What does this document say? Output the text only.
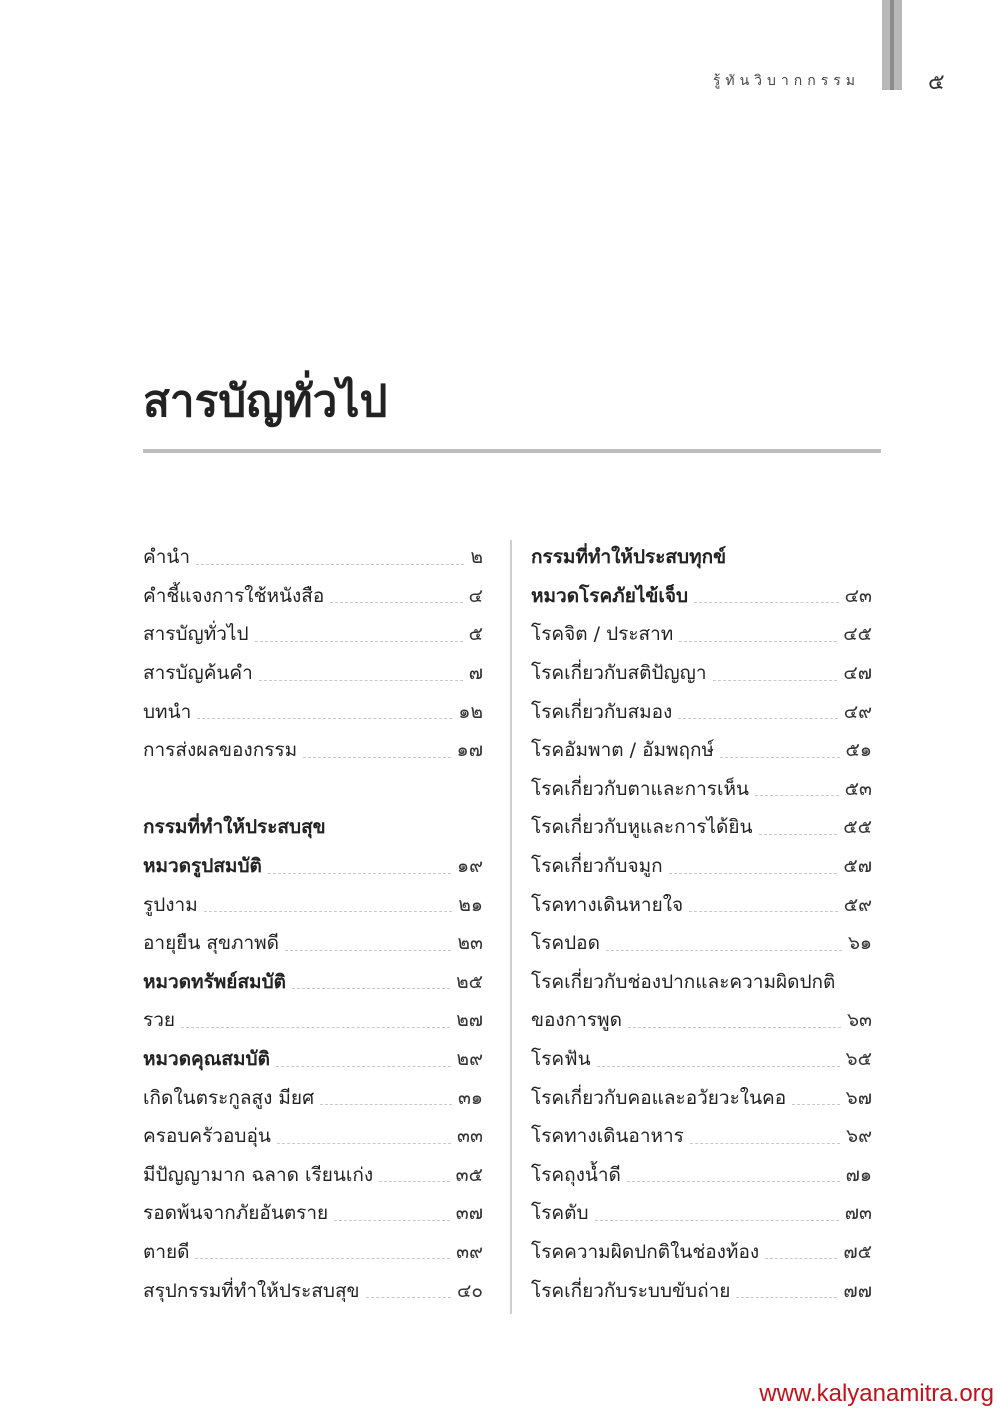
รู้ทันวิบากกรรม	๕
สารบัญทั่วไป
คำนำ	๒
คำชี้แจงการใช้หนังสือ	๔
สารบัญทั่วไป	๕
สารบัญค้นคำ	๗
บทนำ	๑๒
การส่งผลของกรรม	๑๗
กรรมที่ทำให้ประสบสุข
หมวดรูปสมบัติ	๑๙
รูปงาม	๒๑
อายุยืน สุขภาพดี	๒๓
หมวดทรัพย์สมบัติ	๒๕
รวย	๒๗
หมวดคุณสมบัติ	๒๙
เกิดในตระกูลสูง มียศ	๓๑
ครอบครัวอบอุ่น	๓๓
มีปัญญามาก ฉลาด เรียนเก่ง	๓๕
รอดพ้นจากภัยอันตราย	๓๗
ตายดี	๓๙
สรุปกรรมที่ทำให้ประสบสุข	๔๐
กรรมที่ทำให้ประสบทุกข์
หมวดโรคภัยไข้เจ็บ	๔๓
โรคจิต / ประสาท	๔๕
โรคเกี่ยวกับสติปัญญา	๔๗
โรคเกี่ยวกับสมอง	๔๙
โรคอัมพาต / อัมพฤกษ์	๕๑
โรคเกี่ยวกับตาและการเห็น	๕๓
โรคเกี่ยวกับหูและการได้ยิน	๕๕
โรคเกี่ยวกับจมูก	๕๗
โรคทางเดินหายใจ	๕๙
โรคปอด	๖๑
โรคเกี่ยวกับช่องปากและความผิดปกติ
ของการพูด	๖๓
โรคฟัน	๖๕
โรคเกี่ยวกับคอและอวัยวะในคอ	๖๗
โรคทางเดินอาหาร	๖๙
โรคถุงน้ำดี	๗๑
โรคตับ	๗๓
โรคความผิดปกติในช่องท้อง	๗๕
โรคเกี่ยวกับระบบขับถ่าย	๗๗
www.kalyanamitra.org
